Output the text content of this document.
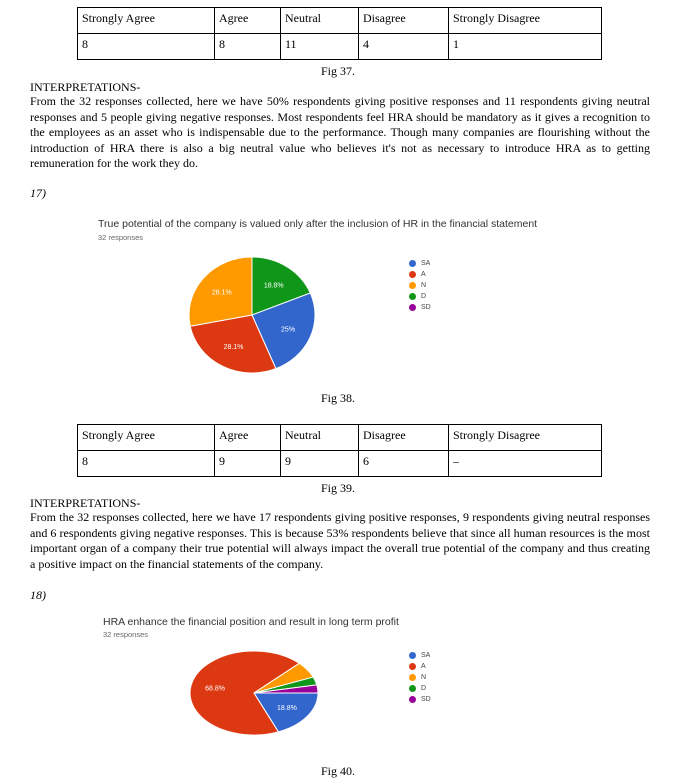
Strongly Agree	Agree	Neutral	Disagree	Strongly Disagree
8	8	11	4	1
Fig 37.
INTERPRETATIONS-
From the 32 responses collected, here we have 50% respondents giving positive responses and 11 respondents giving neutral responses and 5 people giving negative responses. Most respondents feel HRA should be mandatory as it gives a recognition to the employees as an asset who is indispensable due to the performance. Though many companies are flourishing without the introduction of HRA there is also a big neutral value who believes it's not as necessary to introduce HRA as to getting remuneration for the work they do.
17)
True potential of the company is valued only after the inclusion of HR in the financial statement
32 responses
18.8%
25%
28.1%
28.1%
SA
A
N
D
SD
Fig 38.
Strongly Agree	Agree	Neutral	Disagree	Strongly Disagree
8	9	9	6	–
Fig 39.
INTERPRETATIONS-
From the 32 responses collected, here we have 17 respondents giving positive responses, 9 respondents giving neutral responses and 6 respondents giving negative responses. This is because 53% respondents believe that since all human resources is the most important organ of a company their true potential will always impact the overall true potential of the company and thus creating a positive impact on the financial statements of the company.
18)
HRA enhance the financial position and result in long term profit
32 responses
18.8%
68.8%
SA
A
N
D
SD
Fig 40.
